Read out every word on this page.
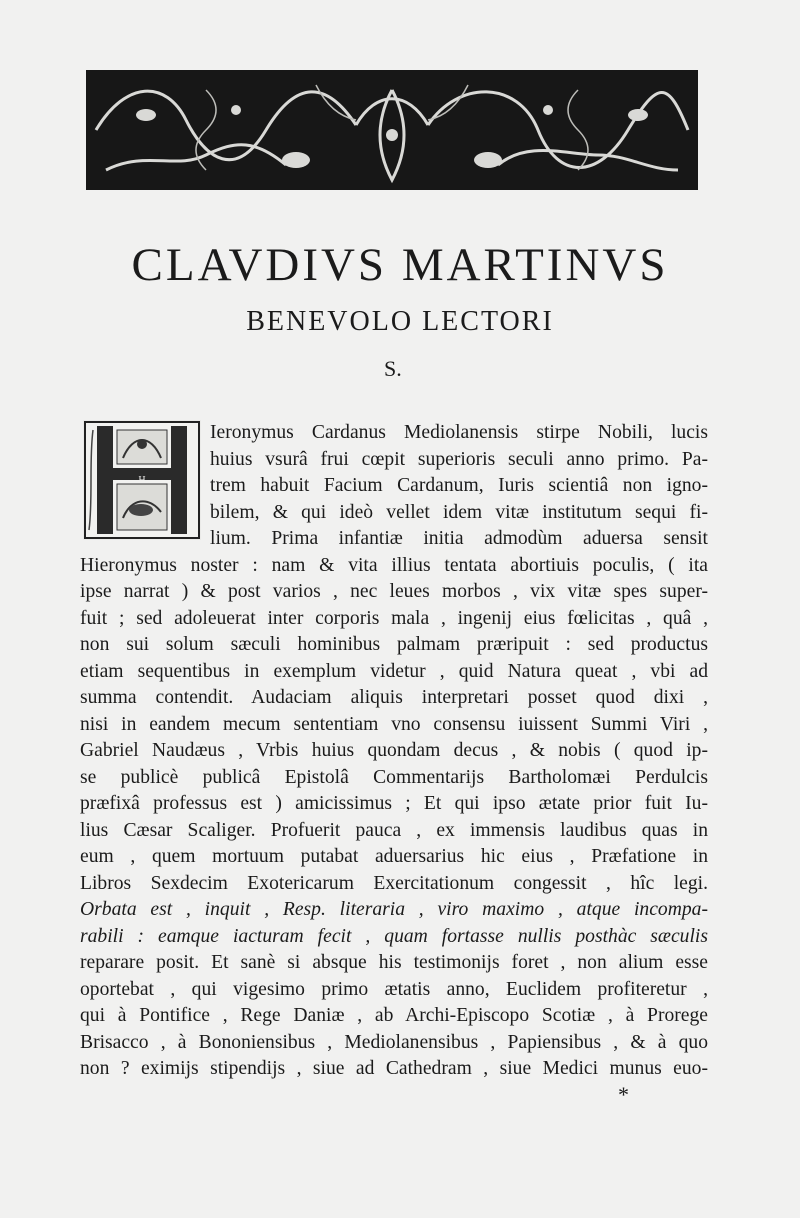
CLAVDIVS MARTINVS
BENEVOLO LECTORI
S.
H
Ieronymus Cardanus Mediolanensis stirpe Nobili, lucis
huius vsurâ frui cœpit superioris seculi anno primo. Pa-
trem habuit Facium Cardanum, Iuris scientiâ non igno-
bilem, & qui ideò vellet idem vitæ institutum sequi fi-
lium. Prima infantiæ initia admodùm aduersa sensit
Hieronymus noster : nam & vita illius tentata abortiuis poculis, ( ita
ipse narrat ) & post varios , nec leues morbos , vix vitæ spes super-
fuit ; sed adoleuerat inter corporis mala , ingenij eius fœlicitas , quâ ,
non sui solum sæculi hominibus palmam præripuit : sed productus
etiam sequentibus in exemplum videtur , quid Natura queat , vbi ad
summa contendit. Audaciam aliquis interpretari posset quod dixi ,
nisi in eandem mecum sententiam vno consensu iuissent Summi Viri ,
Gabriel Naudæus , Vrbis huius quondam decus , & nobis ( quod ip-
se publicè publicâ Epistolâ Commentarijs Bartholomæi Perdulcis
præfixâ professus est ) amicissimus ; Et qui ipso ætate prior fuit Iu-
lius Cæsar Scaliger. Profuerit pauca , ex immensis laudibus quas in
eum , quem mortuum putabat aduersarius hic eius , Præfatione in
Libros Sexdecim Exotericarum Exercitationum congessit , hîc legi.
Orbata est , inquit , Resp. literaria , viro maximo , atque incompa-
rabili : eamque iacturam fecit , quam fortasse nullis posthàc sæculis
reparare posit. Et sanè si absque his testimonijs foret , non alium esse
oportebat , qui vigesimo primo ætatis anno, Euclidem profiteretur ,
qui à Pontifice , Rege Daniæ , ab Archi-Episcopo Scotiæ , à Prorege
Brisacco , à Bononiensibus , Mediolanensibus , Papiensibus , & à quo
non ? eximijs stipendijs , siue ad Cathedram , siue Medici munus euo-
*
